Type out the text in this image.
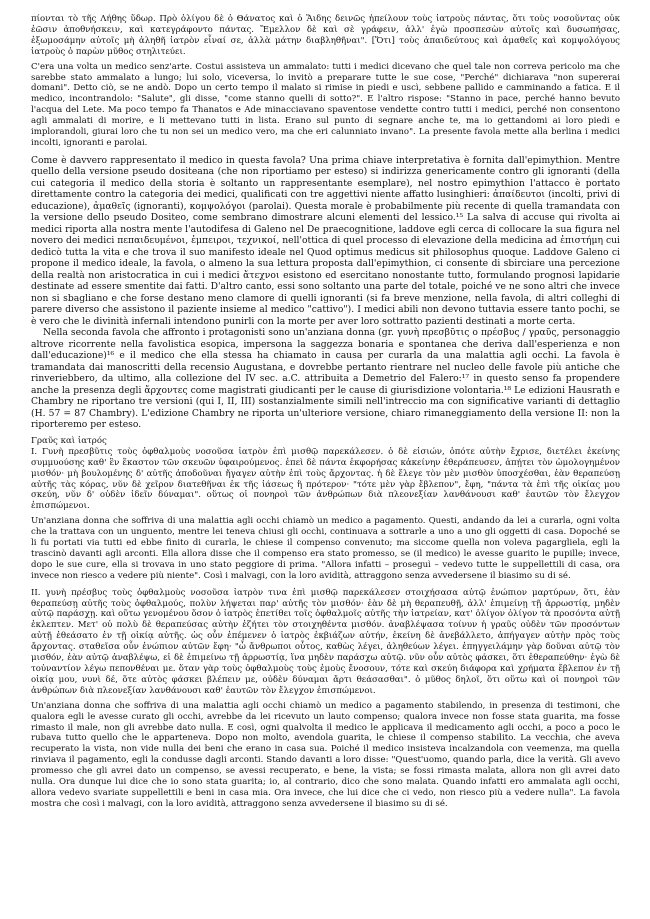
πίονται τὸ τῆς Λήθης ὕδωρ. Πρὸ ὀλίγου δὲ ὁ Θάνατος καὶ ὁ Ἅιδης δεινῶς ἠπείλουν τοὺς ἰατροὺς πάντας, ὅτι τοὺς νοσοῦντας οὐκ ἐῶσιν ἀποθνήσκειν, καὶ κατεγράφοντο πάντας. Ἔμελλον δὲ καὶ σὲ γράφειν, ἀλλ' ἐγὼ προσπεσὼν αὐτοῖς καὶ δυσωπήσας, ἐξωμοσάμην αὐτοῖς μὴ ἀληθῆ ἰατρὸν εἶναί σε, ἀλλὰ μάτην διαβληθῆναι". [Ὅτι] τοὺς ἀπαιδεύτους καὶ ἀμαθεῖς καὶ κομψολόγους ἰατροὺς ὁ παρὼν μῦθος στηλιτεύει.

C'era una volta un medico senz'arte. Costui assisteva un ammalato: tutti i medici dicevano che quel tale non correva pericolo ma che sarebbe stato ammalato a lungo; lui solo, viceversa, lo invitò a preparare tutte le sue cose, "Perché" dichiarava "non supererai domani". Detto ciò, se ne andò. Dopo un certo tempo il malato si rimise in piedi e uscì, sebbene pallido e camminando a fatica. E il medico, incontrandolo: "Salute", gli disse, "come stanno quelli di sotto?". E l'altro rispose: "Stanno in pace, perché hanno bevuto l'acqua del Lete. Ma poco tempo fa Thanatos e Ade minacciavano spaventose vendette contro tutti i medici, perché non consentono agli ammalati di morire, e li mettevano tutti in lista. Erano sul punto di segnare anche te, ma io gettandomi ai loro piedi e implorandoli, giurai loro che tu non sei un medico vero, ma che eri calunniato invano". La presente favola mette alla berlina i medici incolti, ignoranti e parolai.

Come è davvero rappresentato il medico in questa favola? Una prima chiave interpretativa è fornita dall'epimythion. Mentre quello della versione pseudo dositeana (che non riportiamo per esteso) si indirizza genericamente contro gli ignoranti (della cui categoria il medico della storia è soltanto un rappresentante esemplare), nel nostro epimythion l'attacco è portato direttamente contro la categoria dei medici, qualificati con tre aggettivi niente affatto lusinghieri: ἀπαίδευτοι (incolti, privi di educazione), ἀμαθεῖς (ignoranti), κομψολόγοι (parolai). Questa morale è probabilmente più recente di quella tramandata con la versione dello pseudo Dositeo, come sembrano dimostrare alcuni elementi del lessico.¹⁵ La salva di accuse qui rivolta ai medici riporta alla nostra mente l'autodifesa di Galeno nel De praecognitione, laddove egli cerca di collocare la sua figura nel novero dei medici πεπαιδευμένοι, ἐμπειροι, τεχνικοί, nell'ottica di quel processo di elevazione della medicina ad ἐπιστήμη cui dedicò tutta la vita e che trova il suo manifesto ideale nel Quod optimus medicus sit philosophus quoque. Laddove Galeno ci propone il medico ideale, la favola, o almeno la sua lettura proposta dall'epimythion, ci consente di sbirciare una percezione della realtà non aristocratica in cui i medici ἄτεχνοι esistono ed esercitano nonostante tutto, formulando prognosi lapidarie destinate ad essere smentite dai fatti. D'altro canto, essi sono soltanto una parte del totale, poiché ve ne sono altri che invece non si sbagliano e che forse destano meno clamore di quelli ignoranti (si fa breve menzione, nella favola, di altri colleghi di parere diverso che assistono il paziente insieme al medico "cattivo"). I medici abili non devono tuttavia essere tanto pochi, se è vero che le divinità infernali intendono punirli con la morte per aver loro sottratto pazienti destinati a morte certa.

Nella seconda favola che affronto i protagonisti sono un'anziana donna (gr. γυνὴ πρεσβῦτις o πρέσβυς / γραῦς, personaggio altrove ricorrente nella favolistica esopica, impersona la saggezza bonaria e spontanea che deriva dall'esperienza e non dall'educazione)¹⁶ e il medico che ella stessa ha chiamato in causa per curarla da una malattia agli occhi. La favola è tramandata dai manoscritti della recensio Augustana, e dovrebbe pertanto rientrare nel nucleo delle favole più antiche che rinveriebbero, da ultimo, alla collezione del IV sec. a.C. attribuita a Demetrio del Falero:¹⁷ in questo senso fa propendere anche la presenza degli ἄρχοντες come magistrati giudicanti per le cause di giurisdizione volontaria.¹⁸ Le edizioni Hausrath e Chambry ne riportano tre versioni (qui I, II, III) sostanzialmente simili nell'intreccio ma con significative varianti di dettaglio (H. 57 = 87 Chambry). L'edizione Chambry ne riporta un'ulteriore versione, chiaro rimaneggiamento della versione II: non la riporteremo per esteso.

Γραῦς καὶ ἰατρός

I. Γυνὴ πρεσβῦτις τοὺς ὀφθαλμοὺς νοσοῦσα ἰατρὸν ἐπὶ μισθῷ παρεκάλεσεν. ὁ δὲ εἰσιών, ὁπότε αὐτὴν ἔχρισε, διετέλει ἐκείνης συμμυούσης καθ' ἓν ἕκαστον τῶν σκευῶν ὑφαιρούμενος. ἐπεὶ δὲ πάντα ἐκφορήσας κἀκείνην ἐθεράπευσεν, ἀπῄτει τὸν ὡμολογημένον μισθόν· μὴ βουλομένης δ' αὐτῆς ἀποδοῦναι ἤγαγεν αὐτὴν ἐπὶ τοὺς ἄρχοντας. ἡ δὲ ἔλεγε τὸν μὲν μισθὸν ὑποσχέσθαι, ἐὰν θεραπεύσῃ αὐτῆς τὰς κόρας, νῦν δὲ χεῖρον διατεθῆναι ἐκ τῆς ἰάσεως ἢ πρότερον· "τότε μὲν γὰρ ἔβλεπον", ἔφη, "πάντα τὰ ἐπὶ τῆς οἰκίας μου σκεύη, νῦν δ' οὐδὲν ἰδεῖν δύναμαι". οὕτως οἱ πονηροὶ τῶν ἀνθρώπων διὰ πλεονεξίαν λανθάνουσι καθ' ἑαυτῶν τὸν ἔλεγχον ἐπισπώμενοι.

Un'anziana donna che soffriva di una malattia agli occhi chiamò un medico a pagamento. Questi, andando da lei a curarla, ogni volta che la trattava con un unguento, mentre lei teneva chiusi gli occhi, continuava a sottrarle a uno a uno gli oggetti di casa. Dopoché se li fu portati via tutti ed ebbe finito di curarla, le chiese il compenso convenuto; ma siccome quella non voleva pagargliela, egli la trascinò davanti agli arconti. Ella allora disse che il compenso era stato promesso, se (il medico) le avesse guarito le pupille; invece, dopo le sue cure, ella si trovava in uno stato peggiore di prima. "Allora infatti – proseguì – vedevo tutte le suppellettili di casa, ora invece non riesco a vedere più niente". Così i malvagi, con la loro avidità, attraggono senza avvedersene il biasimo su di sé.

II. γυνὴ πρέσβυς τοὺς ὀφθαλμοὺς νοσοῦσα ἰατρὸν τινα ἐπὶ μισθῷ παρεκάλεσεν στοιχήσασα αὐτῷ ἐνώπιον μαρτύρων, ὅτι, ἐὰν θεραπεύσῃ αὐτῆς τοὺς ὀφθαλμούς, πολὺν λήψεται παρ' αὐτῆς τὸν μισθόν· ἐὰν δὲ μὴ θεραπευθῇ, ἀλλ' ἐπιμείνῃ τῇ ἀρρωστίᾳ, μηδὲν αὐτῷ παράσχῃ. καὶ οὕτω γενομένου ὅσον ὁ ἰατρὸς ἐπετίθει τοῖς ὀφθαλμοῖς αὐτῆς τὴν ἰατρείαν, κατ' ὀλίγον ὀλίγον τὰ προσόντα αὐτῇ ἐκλεπτεν. Μετ' οὐ πολὺ δὲ θεραπεύσας αὐτὴν ἐζήτει τὸν στοιχηθέντα μισθόν. ἀναβλέψασα τοίνυν ἡ γραῦς οὐδὲν τῶν προσόντων αὐτῇ ἐθεάσατο ἐν τῇ οἰκίᾳ αὐτῆς. ὡς οὖν ἐπέμενεν ὁ ἰατρὸς ἐκβιάζων αὐτήν, ἐκείνη δὲ ἀνεβάλλετο, ἀπήγαγεν αὐτὴν πρὸς τοὺς ἄρχοντας. σταθεῖσα οὖν ἐνώπιον αὐτῶν ἔφη· "ὦ ἄνθρωποι οὗτος, καθὼς λέγει, ἀληθεύων λέγει. ἐπηγγειλάμην γὰρ δοῦναι αὐτῷ τὸν μισθόν, ἐὰν αὐτῷ ἀναβλέψω, εἰ δὲ ἐπιμείνω τῇ ἀρρωστίᾳ, ἵνα μηδὲν παράσχω αὐτῷ. νῦν οὖν αὐτὸς φάσκει, ὅτι ἐθεραπεύθην· ἐγὼ δὲ τοὐναντίον λέγω πεπονθέναι με. ὅταν γὰρ τοὺς ὀφθαλμοὺς τοὺς ἐμοὺς ἔνοσουν, τότε καὶ σκεύη διάφορα καὶ χρήματα ἔβλεπον ἐν τῇ οἰκίᾳ μου, νυνὶ δέ, ὅτε αὐτὸς φάσκει βλέπειν με, οὐδὲν δύναμαι ἄρτι θεάσασθαι". ὁ μῦθος δηλοῖ, ὅτι οὕτω καὶ οἱ πονηροὶ τῶν ἀνθρώπων διὰ πλεονεξίαν λανθάνουσι καθ' ἑαυτῶν τὸν ἔλεγχον ἐπισπώμενοι.

Un'anziana donna che soffriva di una malattia agli occhi chiamò un medico a pagamento stabilendo, in presenza di testimoni, che qualora egli le avesse curato gli occhi, avrebbe da lei ricevuto un lauto compenso; qualora invece non fosse stata guarita, ma fosse rimasto il male, non gli avrebbe dato nulla. E così, ogni qualvolta il medico le applicava il medicamento agli occhi, a poco a poco le rubava tutto quello che le apparteneva. Dopo non molto, avendola guarita, le chiese il compenso stabilito. La vecchia, che aveva recuperato la vista, non vide nulla dei beni che erano in casa sua. Poiché il medico insisteva incalzandola con veemenza, ma quella rinviava il pagamento, egli la condusse dagli arconti. Stando davanti a loro disse: "Quest'uomo, quando parla, dice la verità. Gli avevo promesso che gli avrei dato un compenso, se avessi recuperato, e bene, la vista; se fossi rimasta malata, allora non gli avrei dato nulla. Ora dunque lui dice che io sono stata guarita; io, al contrario, dico che sono malata. Quando infatti ero ammalata agli occhi, allora vedevo svariate suppellettili e beni in casa mia. Ora invece, che lui dice che ci vedo, non riesco più a vedere nulla". La favola mostra che così i malvagi, con la loro avidità, attraggono senza avvedersene il biasimo su di sé.
